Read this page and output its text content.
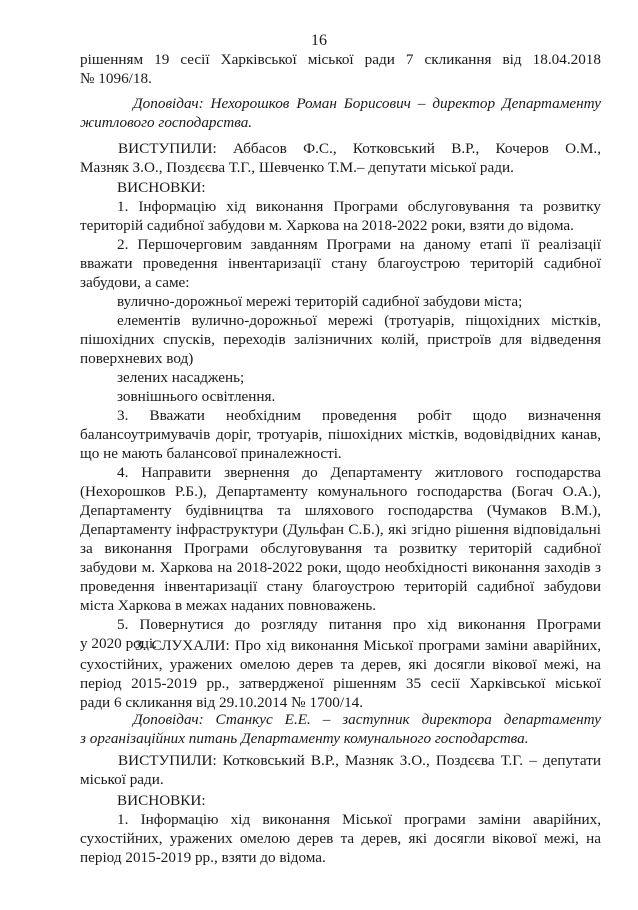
16

рішенням 19 сесії Харківської міської ради 7 скликання від 18.04.2018

№ 1096/18.

Доповідач: Нехорошков Роман Борисович – директор Департаменту

житлового господарства.

ВИСТУПИЛИ: Аббасов Ф.С., Котковський В.Р., Кочеров О.М.,

Мазняк З.О., Поздєєва Т.Г., Шевченко Т.М.– депутати міської ради.

ВИСНОВКИ:

1. Інформацію хід виконання Програми обслуговування та розвитку

територій садибної забудови м. Харкова на 2018-2022 роки, взяти до відома.

2. Першочерговим завданням Програми на даному етапі її реалізації

вважати проведення інвентаризації стану благоустрою територій садибної

забудови, а саме:

вулично-дорожньої мережі територій садибної забудови міста;

елементів вулично-дорожньої мережі (тротуарів, піщохідних містків,

пішохідних спусків, переходів залізничних колій, пристроїв для відведення

поверхневих вод)

зелених насаджень;

зовнішнього освітлення.

3. Вважати необхідним проведення робіт щодо визначення

балансоутримувачів доріг, тротуарів, пішохідних містків, водовідвідних канав,

що не мають балансової приналежності.

4. Направити звернення до Департаменту житлового господарства

(Нехорошков Р.Б.), Департаменту комунального господарства (Богач О.А.),

Департаменту будівництва та шляхового господарства (Чумаков В.М.),

Департаменту інфраструктури (Дульфан С.Б.), які згідно рішення відповідальні

за виконання Програми обслуговування та розвитку територій садибної

забудови м. Харкова на 2018-2022 роки, щодо необхідності виконання заходів з

проведення інвентаризації стану благоустрою територій садибної забудови

міста Харкова в межах наданих повноважень.

5. Повернутися до розгляду питання про хід виконання Програми

у 2020 році.

3. СЛУХАЛИ: Про хід виконання Міської програми заміни аварійних,

сухостійних, уражених омелою дерев та дерев, які досягли вікової межі, на

період 2015-2019 рр., затвердженої рішенням 35 сесії Харківської міської

ради 6 скликання від 29.10.2014 № 1700/14.

Доповідач: Станкус Е.Е. – заступник директора департаменту

з організаційних питань Департаменту комунального господарства.

ВИСТУПИЛИ: Котковський В.Р., Мазняк З.О., Поздєєва Т.Г. – депутати

міської ради.

ВИСНОВКИ:

1. Інформацію хід виконання Міської програми заміни аварійних,

сухостійних, уражених омелою дерев та дерев, які досягли вікової межі, на

період 2015-2019 рр., взяти до відома.
